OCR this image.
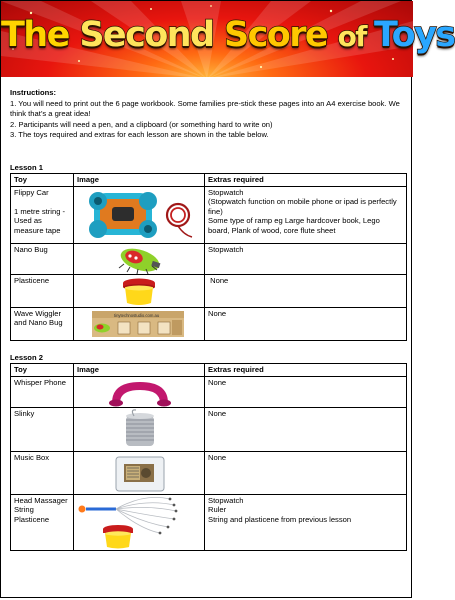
The Second Score of Toys

Instructions:

1. You will need to print out the 6 page workbook. Some families pre-stick these pages into an A4 exercise book. We think that’s a great idea!

2. Participants will need a pen, and a clipboard (or something hard to write on)

3. The toys required and extras for each lesson are shown in the table below.

Lesson 1
Toy	Image	Extras required

Flippy Car
1 metre string - Used as measure tape		Stopwatch
(Stopwatch function on mobile phone or ipad is perfectly fine)
Some type of ramp eg Large hardcover book, Lego board, Plank of wood, core flute sheet

Nano Bug		Stopwatch
Plasticene		None
Wave Wiggler and Nano Bug	tinytechnostudio.com.au	None
Lesson 2
Toy	Image	Extras required
Whisper Phone		None
Slinky		None
Music Box		None
Head Massager String Plasticene		Stopwatch
Ruler
String and plasticene from previous lesson
